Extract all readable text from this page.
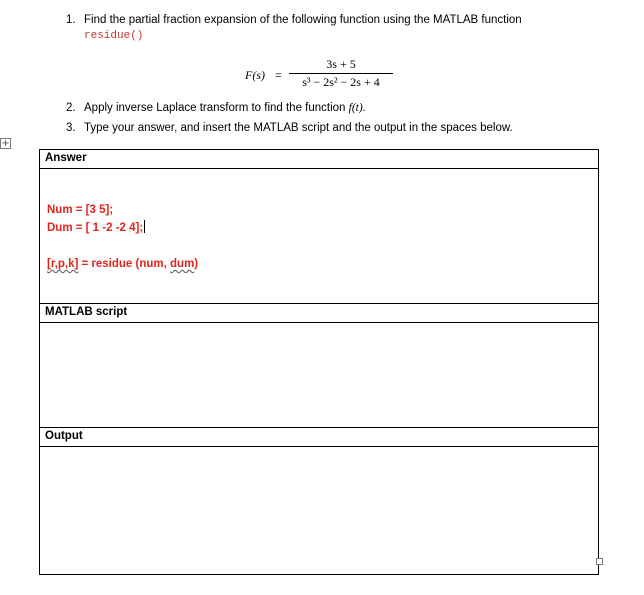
+
1. Find the partial fraction expansion of the following function using the MATLAB function
residue()
F(s) =
3s + 5
s³ − 2s² − 2s + 4
2. Apply inverse Laplace transform to find the function f(t).
3. Type your answer, and insert the MATLAB script and the output in the spaces below.
Answer

Num = [3 5];
Dum = [ 1 -2 -2 4];
[r,p,k] = residue (num, dum)

MATLAB script

Output
